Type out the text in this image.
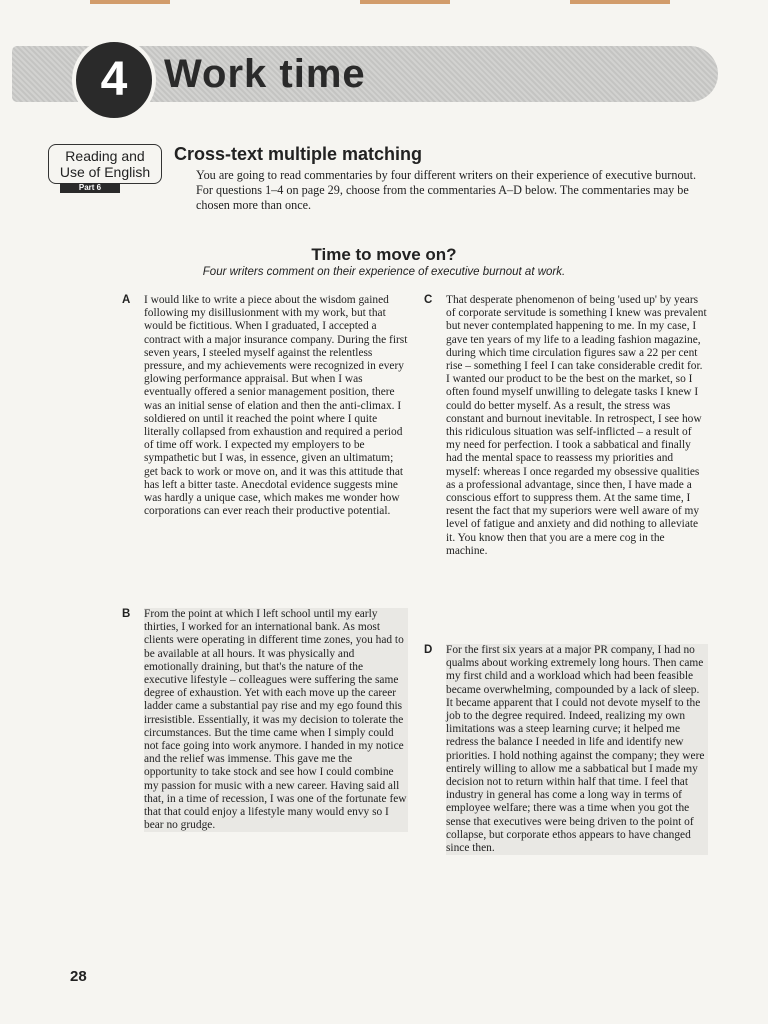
4 Work time
Reading and
Use of English
Part 6
Cross-text multiple matching
You are going to read commentaries by four different writers on their experience of executive burnout. For questions 1–4 on page 29, choose from the commentaries A–D below. The commentaries may be chosen more than once.
Time to move on?
Four writers comment on their experience of executive burnout at work.
A I would like to write a piece about the wisdom gained following my disillusionment with my work, but that would be fictitious. When I graduated, I accepted a contract with a major insurance company. During the first seven years, I steeled myself against the relentless pressure, and my achievements were recognized in every glowing performance appraisal. But when I was eventually offered a senior management position, there was an initial sense of elation and then the anti-climax. I soldiered on until it reached the point where I quite literally collapsed from exhaustion and required a period of time off work. I expected my employers to be sympathetic but I was, in essence, given an ultimatum; get back to work or move on, and it was this attitude that has left a bitter taste. Anecdotal evidence suggests mine was hardly a unique case, which makes me wonder how corporations can ever reach their productive potential.

B From the point at which I left school until my early thirties, I worked for an international bank. As most clients were operating in different time zones, you had to be available at all hours. It was physically and emotionally draining, but that's the nature of the executive lifestyle – colleagues were suffering the same degree of exhaustion. Yet with each move up the career ladder came a substantial pay rise and my ego found this irresistible. Essentially, it was my decision to tolerate the circumstances. But the time came when I simply could not face going into work anymore. I handed in my notice and the relief was immense. This gave me the opportunity to take stock and see how I could combine my passion for music with a new career. Having said all that, in a time of recession, I was one of the fortunate few that that could enjoy a lifestyle many would envy so I bear no grudge.

C That desperate phenomenon of being 'used up' by years of corporate servitude is something I knew was prevalent but never contemplated happening to me. In my case, I gave ten years of my life to a leading fashion magazine, during which time circulation figures saw a 22 per cent rise – something I feel I can take considerable credit for. I wanted our product to be the best on the market, so I often found myself unwilling to delegate tasks I knew I could do better myself. As a result, the stress was constant and burnout inevitable. In retrospect, I see how this ridiculous situation was self-inflicted – a result of my need for perfection. I took a sabbatical and finally had the mental space to reassess my priorities and myself: whereas I once regarded my obsessive qualities as a professional advantage, since then, I have made a conscious effort to suppress them. At the same time, I resent the fact that my superiors were well aware of my level of fatigue and anxiety and did nothing to alleviate it. You know then that you are a mere cog in the machine.

D For the first six years at a major PR company, I had no qualms about working extremely long hours. Then came my first child and a workload which had been feasible became overwhelming, compounded by a lack of sleep. It became apparent that I could not devote myself to the job to the degree required. Indeed, realizing my own limitations was a steep learning curve; it helped me redress the balance I needed in life and identify new priorities. I hold nothing against the company; they were entirely willing to allow me a sabbatical but I made my decision not to return within half that time. I feel that industry in general has come a long way in terms of employee welfare; there was a time when you got the sense that executives were being driven to the point of collapse, but corporate ethos appears to have changed since then.

28
